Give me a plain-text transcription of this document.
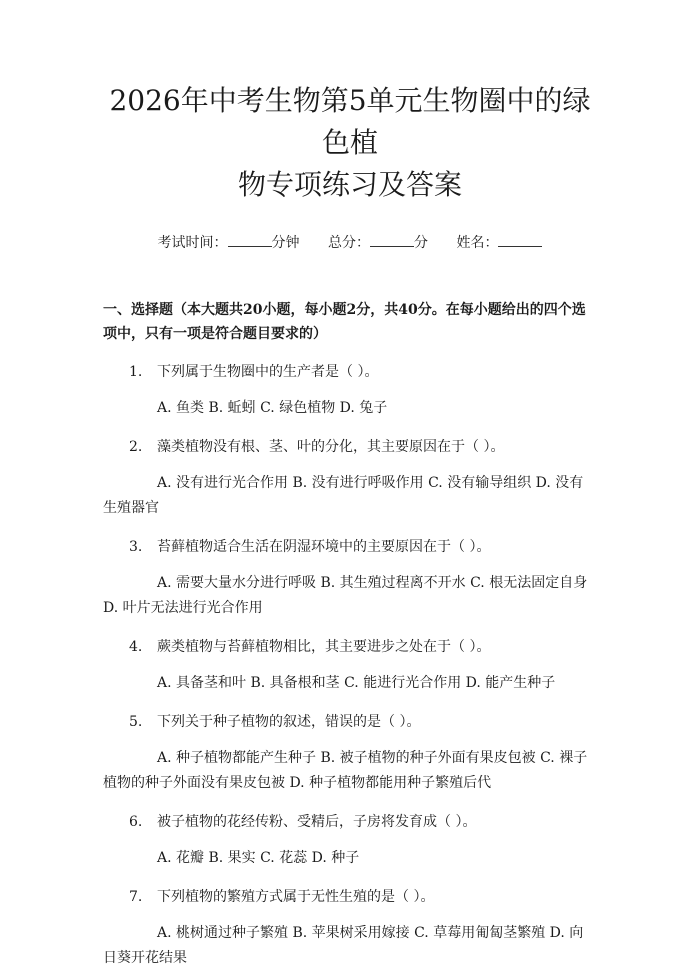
2026年中考生物第5单元生物圈中的绿色植
物专项练习及答案
考试时间：	分钟 总分：	分 姓名：
一、选择题（本大题共20小题，每小题2分，共40分。在每小题给出的四个选项中，只有一项是符合题目要求的）
1.	下列属于生物圈中的生产者是（ ）。
A. 鱼类 B. 蚯蚓 C. 绿色植物 D. 兔子
2.	藻类植物没有根、茎、叶的分化，其主要原因在于（ ）。
A. 没有进行光合作用 B. 没有进行呼吸作用 C. 没有输导组织 D. 没有生殖器官
3.	苔藓植物适合生活在阴湿环境中的主要原因在于（ ）。
A. 需要大量水分进行呼吸 B. 其生殖过程离不开水 C. 根无法固定自身 D. 叶片无法进行光合作用
4.	蕨类植物与苔藓植物相比，其主要进步之处在于（ ）。
A. 具备茎和叶 B. 具备根和茎 C. 能进行光合作用 D. 能产生种子
5.	下列关于种子植物的叙述，错误的是（ ）。
A. 种子植物都能产生种子 B. 被子植物的种子外面有果皮包被 C. 裸子植物的种子外面没有果皮包被 D. 种子植物都能用种子繁殖后代
6.	被子植物的花经传粉、受精后，子房将发育成（ ）。
A. 花瓣 B. 果实 C. 花蕊 D. 种子
7.	下列植物的繁殖方式属于无性生殖的是（ ）。
A. 桃树通过种子繁殖 B. 苹果树采用嫁接 C. 草莓用匍匐茎繁殖 D. 向日葵开花结果
